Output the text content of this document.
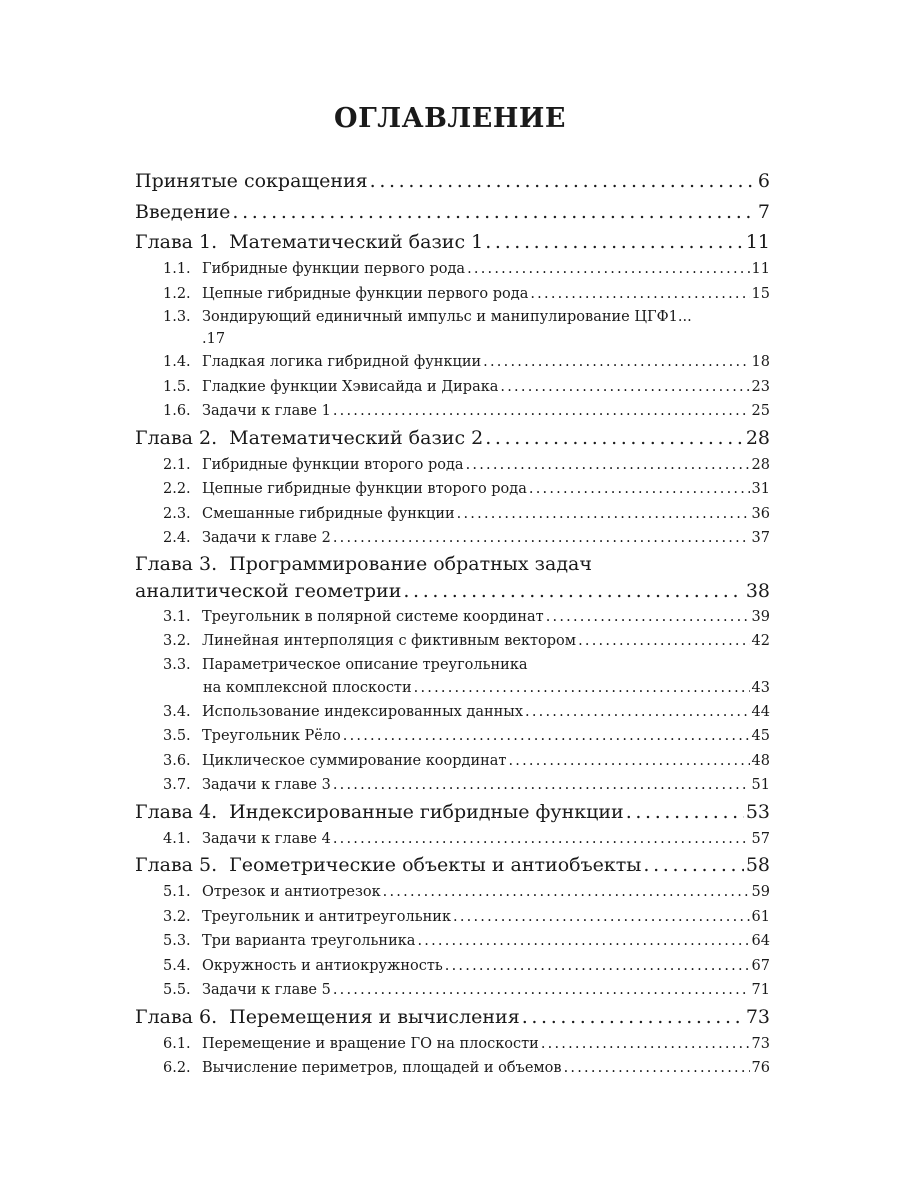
ОГЛАВЛЕНИЕ
Принятые сокращения . . .	6
Введение . . .	7
Глава 1. Математический базис 1 . . .	11
1.1. Гибридные функции первого рода . . .	11
1.2. Цепные гибридные функции первого рода . . .	15
1.3. Зондирующий единичный импульс и манипулирование ЦГФ1...
.17
1.4. Гладкая логика гибридной функции . . .	18
1.5. Гладкие функции Хэвисайда и Дирака . . .	23
1.6. Задачи к главе 1 . . .	25
Глава 2. Математический базис 2 . . .	28
2.1. Гибридные функции второго рода . . .	28
2.2. Цепные гибридные функции второго рода . . .	31
2.3. Смешанные гибридные функции . . .	36
2.4. Задачи к главе 2 . . .	37
Глава 3. Программирование обратных задач
аналитической геометрии . . .	38
3.1. Треугольник в полярной системе координат . . .	39
3.2. Линейная интерполяция с фиктивным вектором . . .	42
3.3. Параметрическое описание треугольника
на комплексной плоскости . . .	43
3.4. Использование индексированных данных . . .	44
3.5. Треугольник Рёло . . .	45
3.6. Циклическое суммирование координат . . .	48
3.7. Задачи к главе 3 . . .	51
Глава 4. Индексированные гибридные функции . . .	53
4.1. Задачи к главе 4 . . .	57
Глава 5. Геометрические объекты и антиобъекты . . .	58
5.1. Отрезок и антиотрезок . . .	59
3.2. Треугольник и антитреугольник . . .	61
5.3. Три варианта треугольника . . .	64
5.4. Окружность и антиокружность . . .	67
5.5. Задачи к главе 5 . . .	71
Глава 6. Перемещения и вычисления . . .	73
6.1. Перемещение и вращение ГО на плоскости . . .	73
6.2. Вычисление периметров, площадей и объемов . . .	76
